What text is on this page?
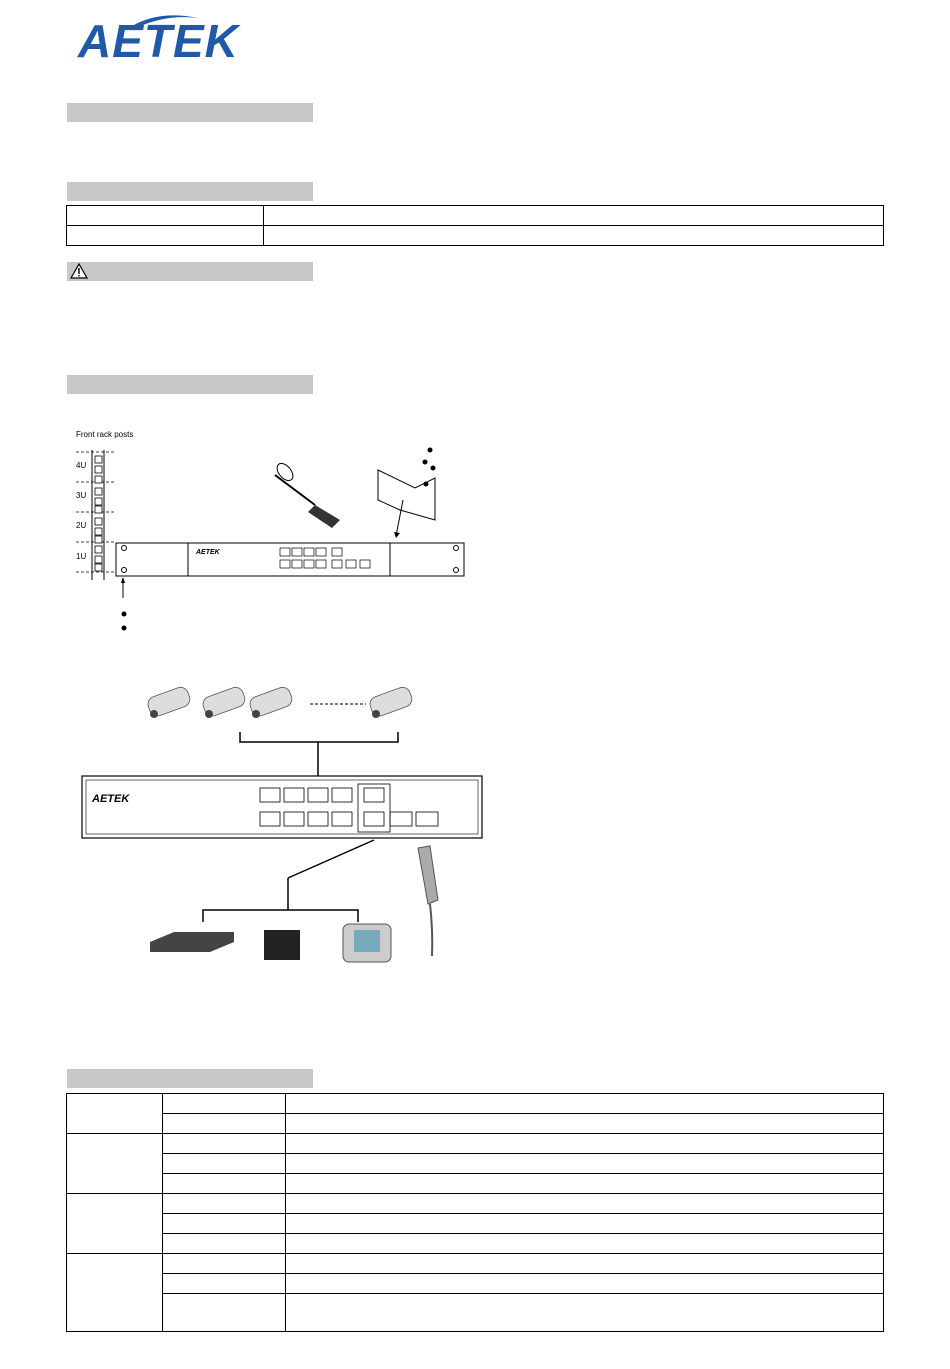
AETEK

Front rack posts
AETEK
4U
3U
2U
1U
AETEK
